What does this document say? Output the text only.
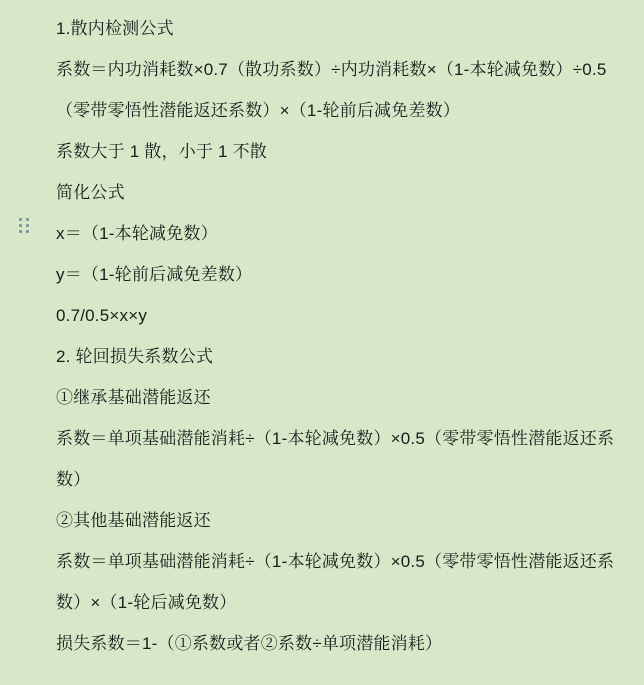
1.散内检测公式
系数＝内功消耗数×0.7（散功系数）÷内功消耗数×（1-本轮减免数）÷0.5（零带零悟性潜能返还系数）×（1-轮前后减免差数）
系数大于 1 散，小于 1 不散
简化公式
x＝（1-本轮减免数）
y＝（1-轮前后减免差数）
0.7/0.5×x×y
2. 轮回损失系数公式
①继承基础潜能返还
系数＝单项基础潜能消耗÷（1-本轮减免数）×0.5（零带零悟性潜能返还系数）
②其他基础潜能返还
系数＝单项基础潜能消耗÷（1-本轮减免数）×0.5（零带零悟性潜能返还系数）×（1-轮后减免数）
损失系数＝1-（①系数或者②系数÷单项潜能消耗）
